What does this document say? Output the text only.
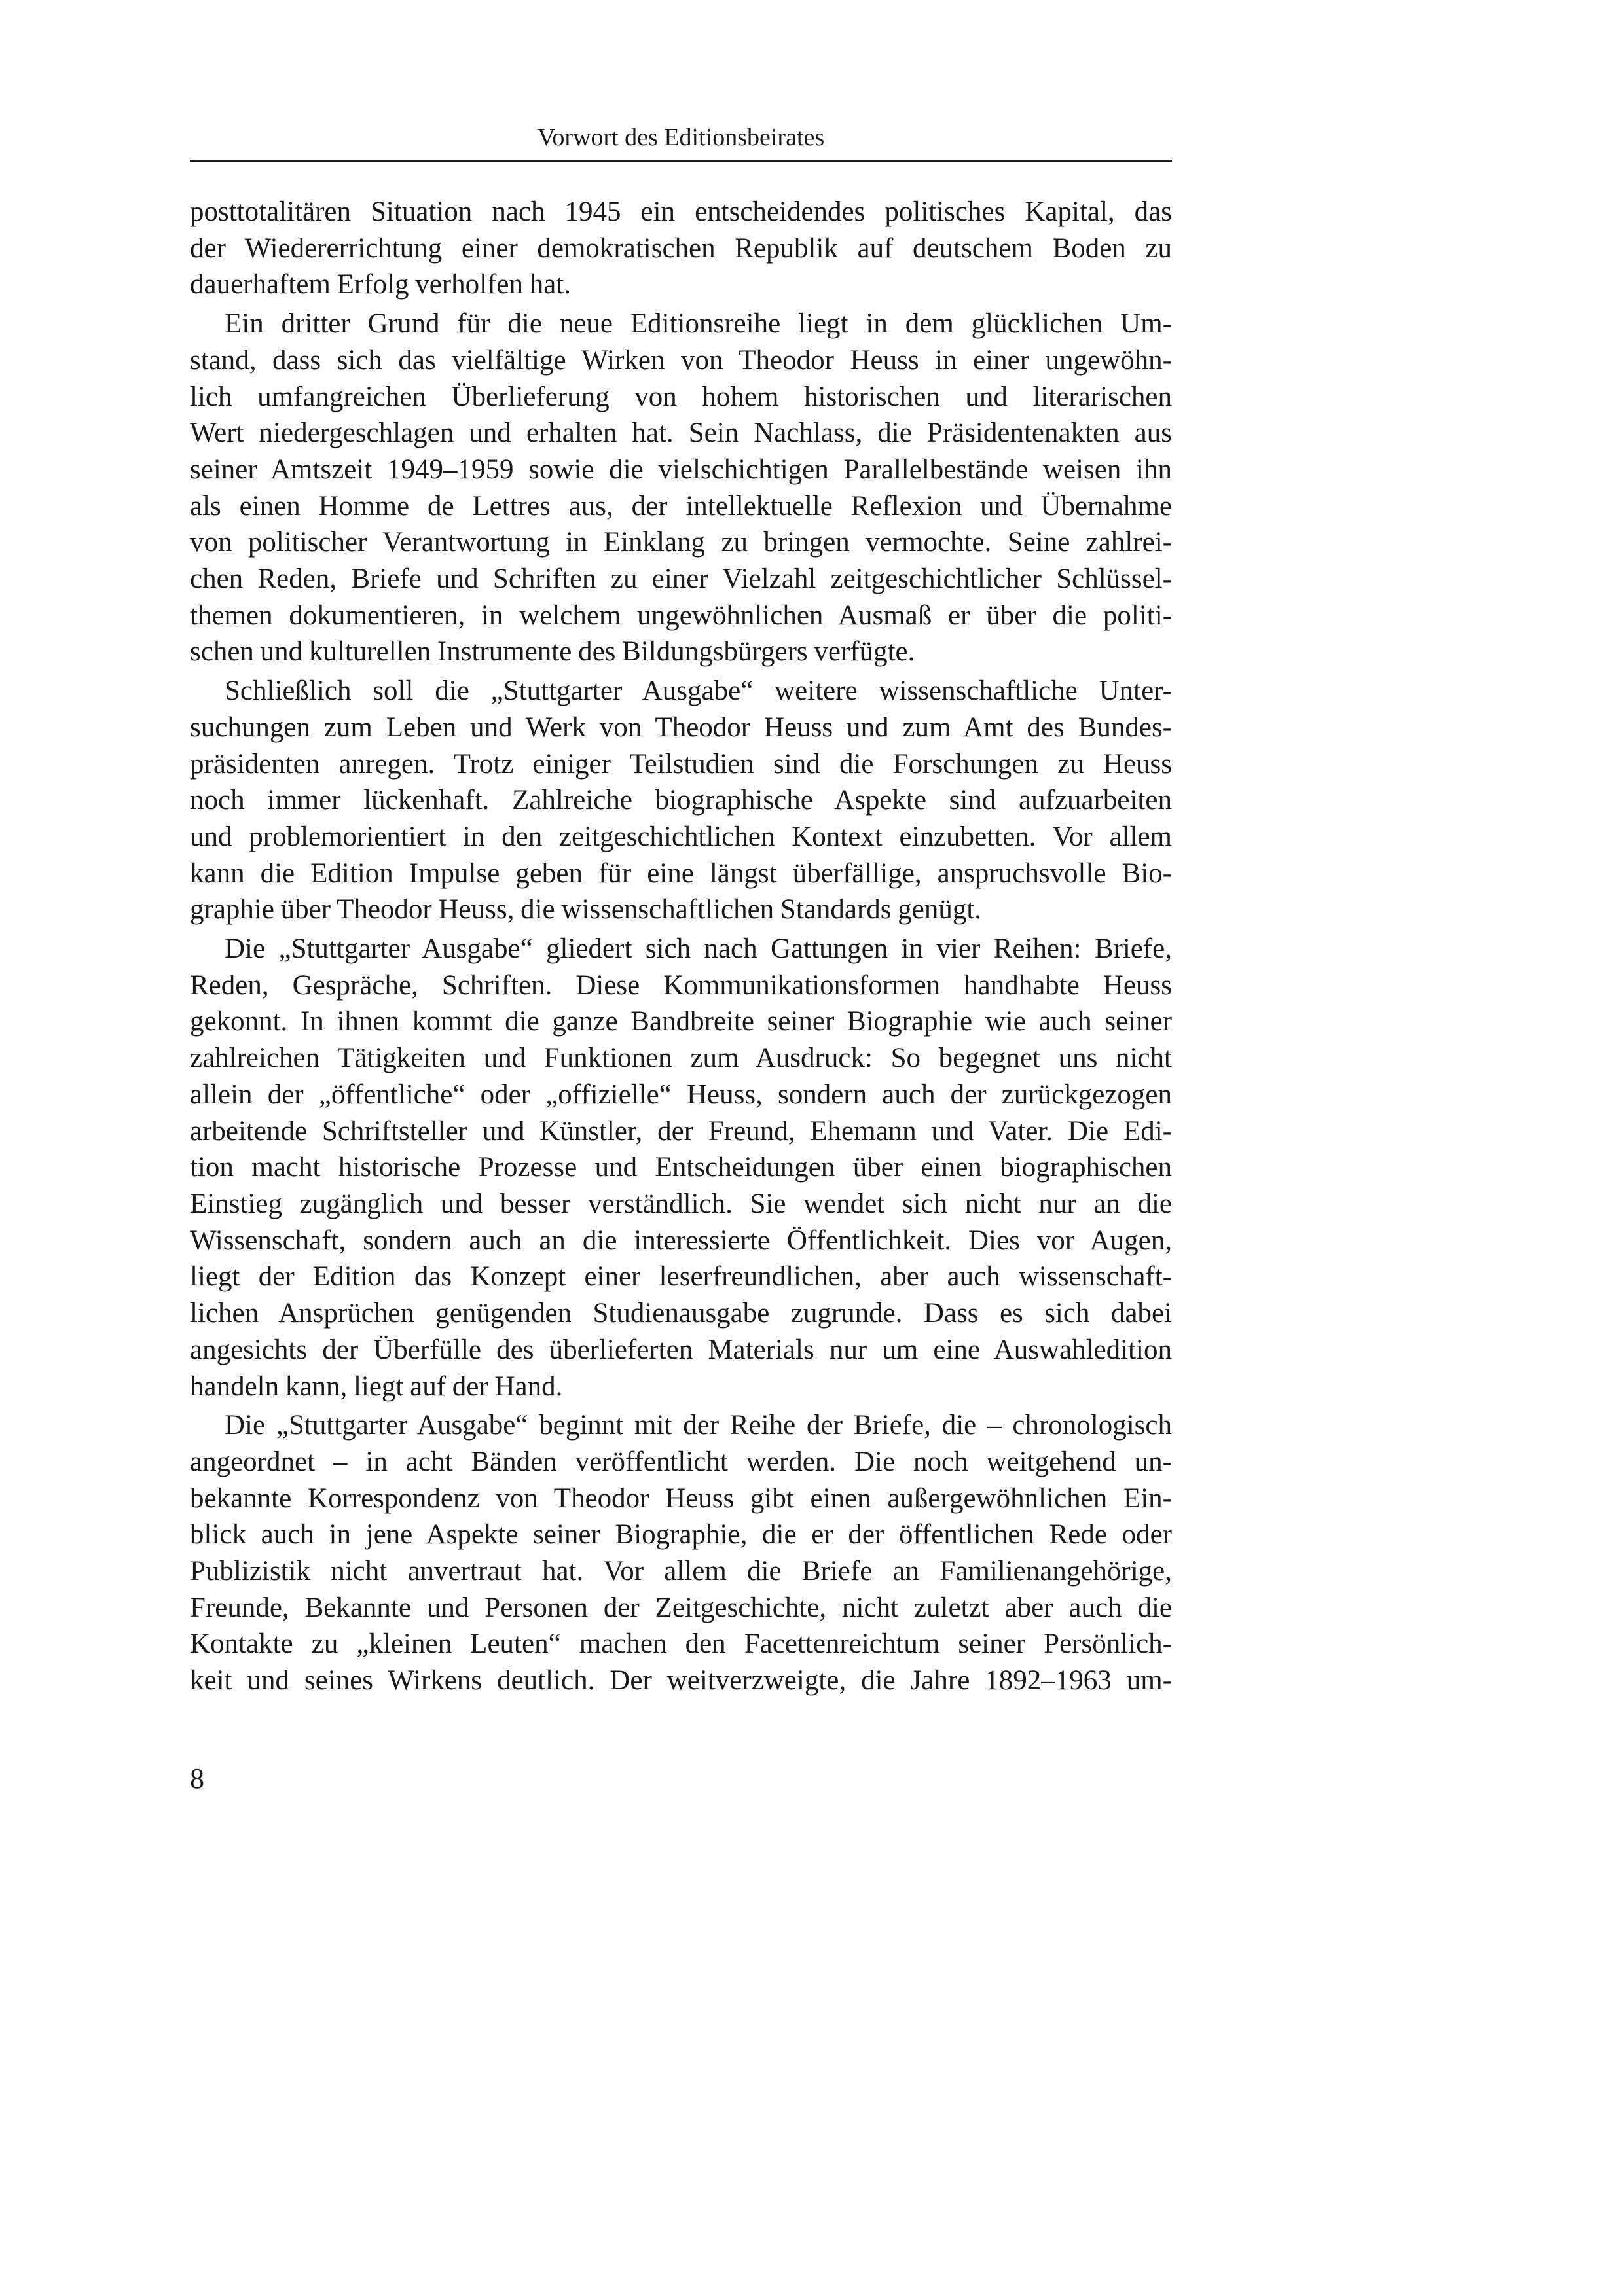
Vorwort des Editionsbeirates

posttotalitären Situation nach 1945 ein entscheidendes politisches Kapital, das

der Wiedererrichtung einer demokratischen Republik auf deutschem Boden zu

dauerhaftem Erfolg verholfen hat.

Ein dritter Grund für die neue Editionsreihe liegt in dem glücklichen Um-

stand, dass sich das vielfältige Wirken von Theodor Heuss in einer ungewöhn-

lich umfangreichen Überlieferung von hohem historischen und literarischen

Wert niedergeschlagen und erhalten hat. Sein Nachlass, die Präsidentenakten aus

seiner Amtszeit 1949–1959 sowie die vielschichtigen Parallelbestände weisen ihn

als einen Homme de Lettres aus, der intellektuelle Reflexion und Übernahme

von politischer Verantwortung in Einklang zu bringen vermochte. Seine zahlrei-

chen Reden, Briefe und Schriften zu einer Vielzahl zeitgeschichtlicher Schlüssel-

themen dokumentieren, in welchem ungewöhnlichen Ausmaß er über die politi-

schen und kulturellen Instrumente des Bildungsbürgers verfügte.

Schließlich soll die „Stuttgarter Ausgabe“ weitere wissenschaftliche Unter-

suchungen zum Leben und Werk von Theodor Heuss und zum Amt des Bundes-

präsidenten anregen. Trotz einiger Teilstudien sind die Forschungen zu Heuss

noch immer lückenhaft. Zahlreiche biographische Aspekte sind aufzuarbeiten

und problemorientiert in den zeitgeschichtlichen Kontext einzubetten. Vor allem

kann die Edition Impulse geben für eine längst überfällige, anspruchsvolle Bio-

graphie über Theodor Heuss, die wissenschaftlichen Standards genügt.

Die „Stuttgarter Ausgabe“ gliedert sich nach Gattungen in vier Reihen: Briefe,

Reden, Gespräche, Schriften. Diese Kommunikationsformen handhabte Heuss

gekonnt. In ihnen kommt die ganze Bandbreite seiner Biographie wie auch seiner

zahlreichen Tätigkeiten und Funktionen zum Ausdruck: So begegnet uns nicht

allein der „öffentliche“ oder „offizielle“ Heuss, sondern auch der zurückgezogen

arbeitende Schriftsteller und Künstler, der Freund, Ehemann und Vater. Die Edi-

tion macht historische Prozesse und Entscheidungen über einen biographischen

Einstieg zugänglich und besser verständlich. Sie wendet sich nicht nur an die

Wissenschaft, sondern auch an die interessierte Öffentlichkeit. Dies vor Augen,

liegt der Edition das Konzept einer leserfreundlichen, aber auch wissenschaft-

lichen Ansprüchen genügenden Studienausgabe zugrunde. Dass es sich dabei

angesichts der Überfülle des überlieferten Materials nur um eine Auswahledition

handeln kann, liegt auf der Hand.

Die „Stuttgarter Ausgabe“ beginnt mit der Reihe der Briefe, die – chronologisch

angeordnet – in acht Bänden veröffentlicht werden. Die noch weitgehend un-

bekannte Korrespondenz von Theodor Heuss gibt einen außergewöhnlichen Ein-

blick auch in jene Aspekte seiner Biographie, die er der öffentlichen Rede oder

Publizistik nicht anvertraut hat. Vor allem die Briefe an Familienangehörige,

Freunde, Bekannte und Personen der Zeitgeschichte, nicht zuletzt aber auch die

Kontakte zu „kleinen Leuten“ machen den Facettenreichtum seiner Persönlich-

keit und seines Wirkens deutlich. Der weitverzweigte, die Jahre 1892–1963 um-

8
